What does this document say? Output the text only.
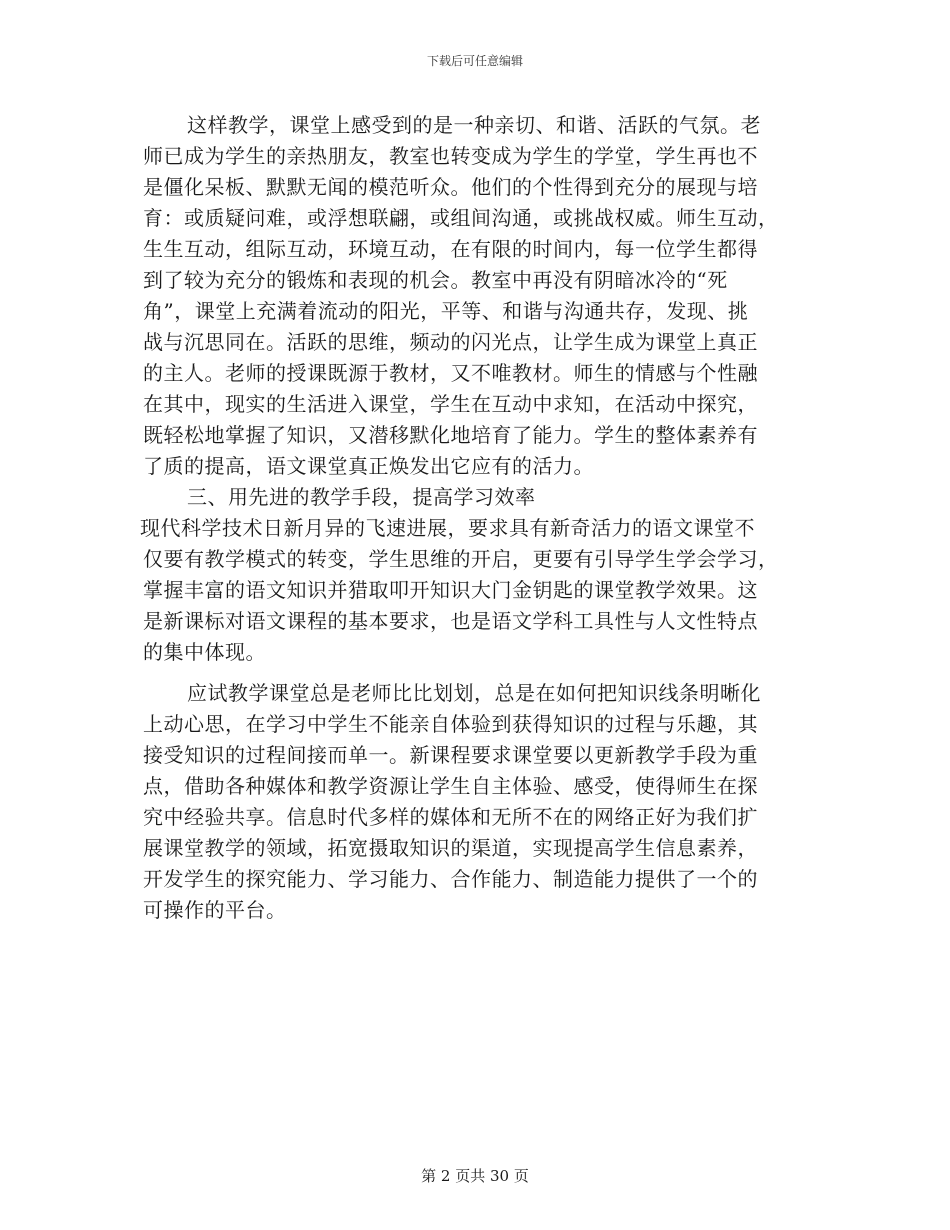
下载后可任意编辑

这样教学，课堂上感受到的是一种亲切、和谐、活跃的气氛。老
师已成为学生的亲热朋友，教室也转变成为学生的学堂，学生再也不
是僵化呆板、默默无闻的模范听众。他们的个性得到充分的展现与培
育：或质疑问难，或浮想联翩，或组间沟通，或挑战权威。师生互动，
生生互动，组际互动，环境互动，在有限的时间内，每一位学生都得
到了较为充分的锻炼和表现的机会。教室中再没有阴暗冰冷的“死
角”，课堂上充满着流动的阳光，平等、和谐与沟通共存，发现、挑
战与沉思同在。活跃的思维，频动的闪光点，让学生成为课堂上真正
的主人。老师的授课既源于教材，又不唯教材。师生的情感与个性融
在其中，现实的生活进入课堂，学生在互动中求知，在活动中探究，
既轻松地掌握了知识，又潜移默化地培育了能力。学生的整体素养有
了质的提高，语文课堂真正焕发出它应有的活力。

三、用先进的教学手段，提高学习效率

现代科学技术日新月异的飞速进展，要求具有新奇活力的语文课堂不
仅要有教学模式的转变，学生思维的开启，更要有引导学生学会学习，
掌握丰富的语文知识并猎取叩开知识大门金钥匙的课堂教学效果。这
是新课标对语文课程的基本要求，也是语文学科工具性与人文性特点
的集中体现。

应试教学课堂总是老师比比划划，总是在如何把知识线条明晰化
上动心思，在学习中学生不能亲自体验到获得知识的过程与乐趣，其
接受知识的过程间接而单一。新课程要求课堂要以更新教学手段为重
点，借助各种媒体和教学资源让学生自主体验、感受，使得师生在探
究中经验共享。信息时代多样的媒体和无所不在的网络正好为我们扩
展课堂教学的领域，拓宽摄取知识的渠道，实现提高学生信息素养，
开发学生的探究能力、学习能力、合作能力、制造能力提供了一个的
可操作的平台。

第 2 页共 30 页
